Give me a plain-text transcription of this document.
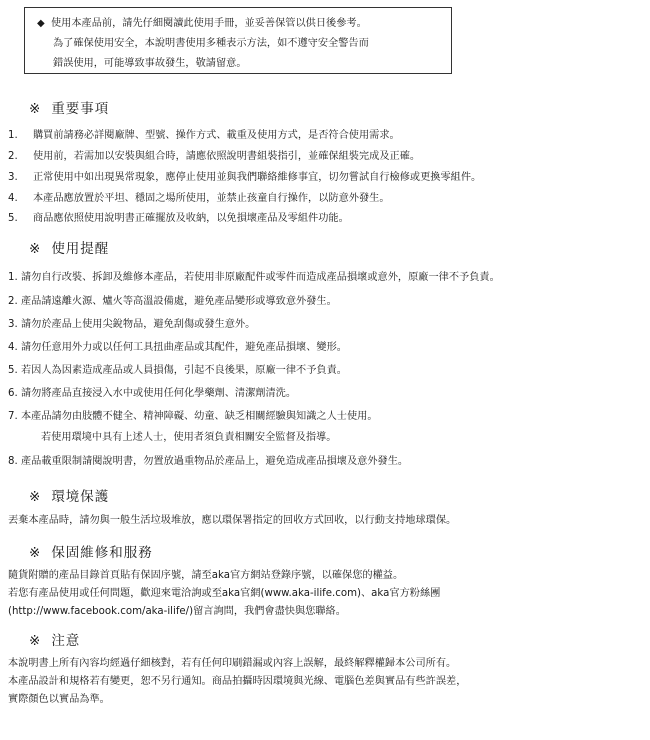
◆ 使用本產品前，請先仔細閱讀此使用手冊，並妥善保管以供日後參考。
為了確保使用安全，本說明書使用多種表示方法，如不遵守安全警告而
錯誤使用，可能導致事故發生，敬請留意。
※ 重要事項
1. 購買前請務必詳閱廠牌、型號、操作方式、載重及使用方式，是否符合使用需求。
2. 使用前，若需加以安裝與組合時，請應依照說明書組裝指引，並確保組裝完成及正確。
3. 正常使用中如出現異常現象，應停止使用並與我們聯絡維修事宜，切勿嘗試自行檢修或更換零組件。
4. 本產品應放置於平坦、穩固之場所使用，並禁止孩童自行操作，以防意外發生。
5. 商品應依照使用說明書正確擺放及收納，以免損壞產品及零組件功能。
※ 使用提醒
1. 請勿自行改裝、拆卸及維修本產品，若使用非原廠配件或零件而造成產品損壞或意外，原廠一律不予負責。
2. 產品請遠離火源、爐火等高溫設備處，避免產品變形或導致意外發生。
3. 請勿於產品上使用尖銳物品，避免刮傷或發生意外。
4. 請勿任意用外力或以任何工具扭曲產品或其配件，避免產品損壞、變形。
5. 若因人為因素造成產品或人員損傷，引起不良後果，原廠一律不予負責。
6. 請勿將產品直接浸入水中或使用任何化學藥劑、清潔劑清洗。
7. 本產品請勿由肢體不健全、精神障礙、幼童、缺乏相關經驗與知識之人士使用。
若使用環境中具有上述人士，使用者須負責相關安全監督及指導。
8. 產品載重限制請閱說明書，勿置放過重物品於產品上，避免造成產品損壞及意外發生。
※ 環境保護
丟棄本產品時，請勿與一般生活垃圾堆放，應以環保署指定的回收方式回收，以行動支持地球環保。
※ 保固維修和服務
隨貨附贈的產品目錄首頁貼有保固序號，請至aka官方網站登錄序號，以確保您的權益。
若您有產品使用或任何問題，歡迎來電洽詢或至aka官網(www.aka-ilife.com)、aka官方粉絲團
(http://www.facebook.com/aka-ilife/)留言詢問，我們會盡快與您聯絡。
※ 注意
本說明書上所有內容均經過仔細核對，若有任何印刷錯漏或內容上誤解，最終解釋權歸本公司所有。
本產品設計和規格若有變更，恕不另行通知。商品拍攝時因環境與光線、電腦色差與實品有些許誤差，
實際顏色以實品為準。
